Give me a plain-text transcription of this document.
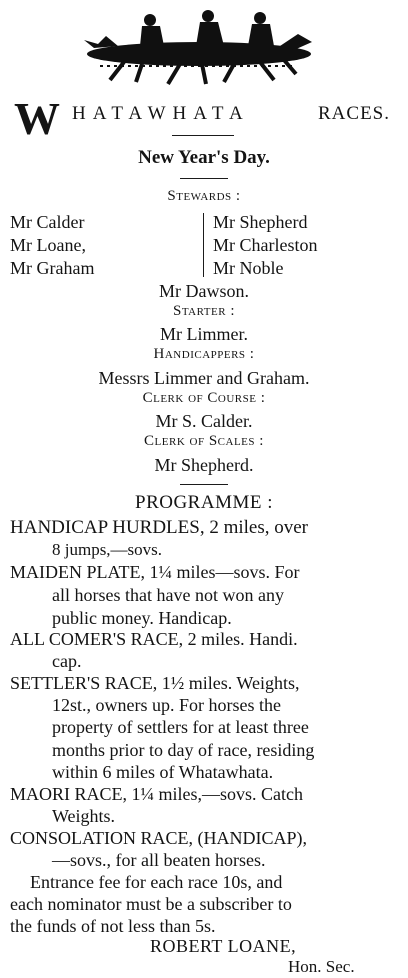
W HATAWHATA	RACES.
New Year's Day.
Stewards :
Mr Calder
Mr Loane,
Mr Graham
Mr Shepherd
Mr Charleston
Mr Noble
Mr Dawson.
Starter :
Mr Limmer.
Handicappers :
Messrs Limmer and Graham.
Clerk of Course :
Mr S. Calder.
Clerk of Scales :
Mr Shepherd.
PROGRAMME :
HANDICAP HURDLES, 2 miles, over
8 jumps,—sovs.
MAIDEN PLATE, 1¼ miles—sovs. For
all horses that have not won any
public money. Handicap.
ALL COMER'S RACE, 2 miles. Handi.
cap.
SETTLER'S RACE, 1½ miles. Weights,
12st., owners up. For horses the
property of settlers for at least three
months prior to day of race, residing
within 6 miles of Whatawhata.
MAORI RACE, 1¼ miles,—sovs. Catch
Weights.
CONSOLATION RACE, (HANDICAP),
—sovs., for all beaten horses.
Entrance fee for each race 10s, and
each nominator must be a subscriber to
the funds of not less than 5s.
ROBERT LOANE,
Hon. Sec.
